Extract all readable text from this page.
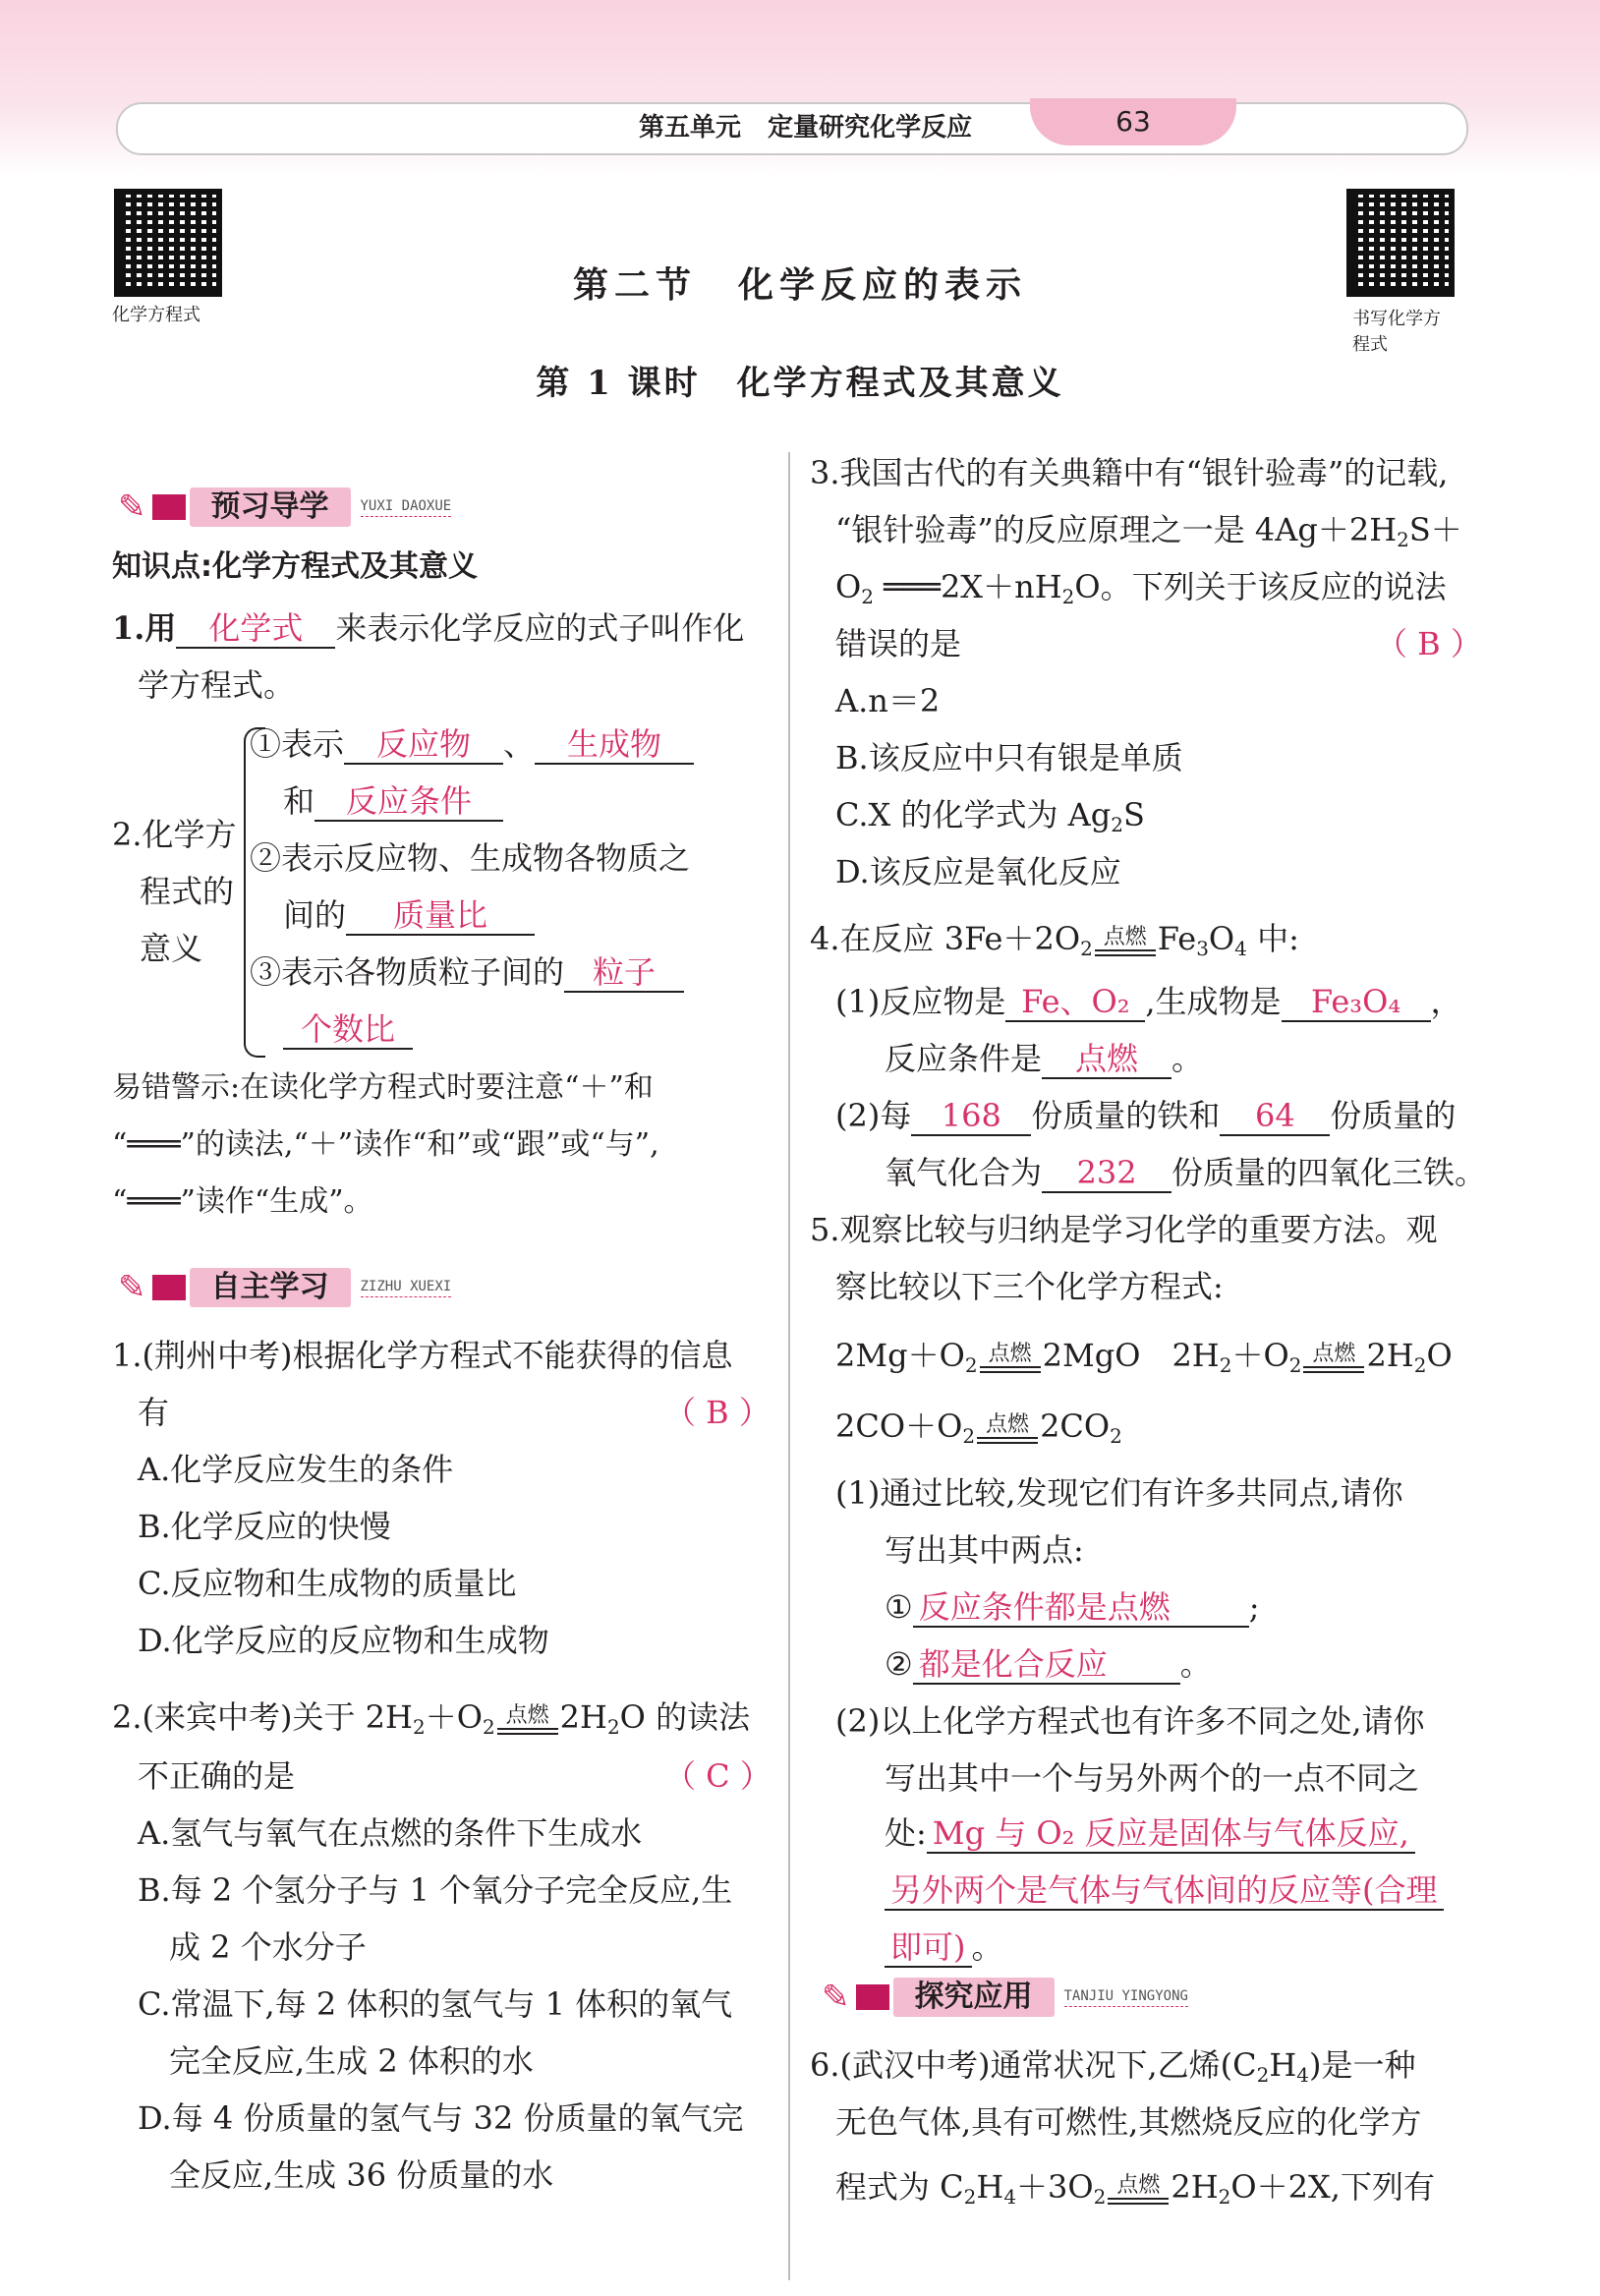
第五单元 定量研究化学反应	63
化学方程式	书写化学方
程式
第二节　化学反应的表示
第 1 课时　化学方程式及其意义
✎	预习导学	YUXI DAOXUE
知识点:化学方程式及其意义
1.用 化学式 来表示化学反应的式子叫作化
学方程式。
2.化学方
程式的
意义
①表示 反应物 、 生成物
和 反应条件
②表示反应物、生成物各物质之
间的 质量比
③表示各物质粒子间的 粒子
个数比
易错警示:在读化学方程式时要注意“＋”和
“═══”的读法,“＋”读作“和”或“跟”或“与”,
“═══”读作“生成”。
✎	自主学习	ZIZHU XUEXI
1.(荆州中考)根据化学方程式不能获得的信息
有	（ B ）
A.化学反应发生的条件
B.化学反应的快慢
C.反应物和生成物的质量比
D.化学反应的反应物和生成物
2.(来宾中考)关于 $2H_2+O_2$ 点燃 $2H_2O$ 的读法
不正确的是	（ C ）
A.氢气与氧气在点燃的条件下生成水
B.每 2 个氢分子与 1 个氧分子完全反应,生
成 2 个水分子
C.常温下,每 2 体积的氢气与 1 体积的氧气
完全反应,生成 2 体积的水
D.每 4 份质量的氢气与 32 份质量的氧气完
全反应,生成 36 份质量的水
3.我国古代的有关典籍中有“银针验毒”的记载,
“银针验毒”的反应原理之一是 $4Ag+2H_2S+$
$O_2$ $═══2X+nH_2O$。下列关于该反应的说法
错误的是	（ B ）
A.n＝2
B.该反应中只有银是单质
C.X 的化学式为 $Ag_2S$
D.该反应是氧化反应
4.在反应 $3Fe+2O_2$ 点燃 $Fe_3O_4$ 中:
(1)反应物是 Fe、O₂ ,生成物是 Fe₃O₄ ，
反应条件是 点燃 。
(2)每 168 份质量的铁和 64 份质量的
氧气化合为 232 份质量的四氧化三铁。
5.观察比较与归纳是学习化学的重要方法。观
察比较以下三个化学方程式:
$2Mg+O_2$ 点燃 2MgO　$2H_2+O_2$ 点燃 $2H_2O$
$2CO+O_2$ 点燃 $2CO_2$
(1)通过比较,发现它们有许多共同点,请你
写出其中两点:
① 反应条件都是点燃 ;
② 都是化合反应 。
(2)以上化学方程式也有许多不同之处,请你
写出其中一个与另外两个的一点不同之
处: Mg 与 O₂ 反应是固体与气体反应,
另外两个是气体与气体间的反应等(合理
即可) 。
✎	探究应用	TANJIU YINGYONG
6.(武汉中考)通常状况下,乙烯$(C_2H_4)$是一种
无色气体,具有可燃性,其燃烧反应的化学方
程式为 $C_2H_4+3O_2$ 点燃 $2H_2O+2X$,下列有
